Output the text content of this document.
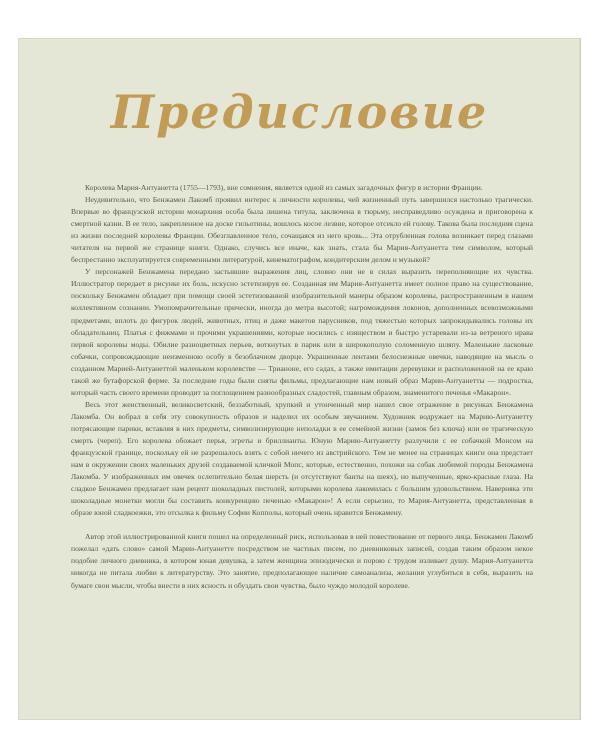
Предисловие

Королева Мария-Антуанетта (1755—1793), вне сомнения, является одной из самых загадочных фигур в истории Франции.

Неудивительно, что Бенжамен Лакомб проявил интерес к личности королевы, чей жизненный путь завершился настолько трагически. Впервые во французской истории монархиня особа была лишена титула, заключена в тюрьму, несправедливо осуждена и приговорена к смертной казни. В ее тело, закрепленное на доске гильотины, вошлось косое лезвие, которое отсекло ей голову. Такова была последняя сцена из жизни последней королевы Франции. Обезглавленное тело, сочащаяся из него кровь... Эта отрубленная голова возникает перед глазами читателя на первой же странице книги. Однако, случись все иначе, как знать, стала бы Мария-Антуанетта тем символом, который беспрестанно эксплуатируется современными литературой, кинематографом, кондитерским делом и музыкой?

У персонажей Бенжамена передано застывшие выражения лиц, словно они не в силах выразить переполняющие их чувства. Иллюстратор передает в рисунке их боль, искусно эстетизируя ее. Созданная им Мария-Антуанетта имеет полное право на существование, поскольку Бенжамен обладает при помощи своей эстетизованной изобразительной манеры образом королевы, распространенным в нашем коллективном сознании. Умопомрачительные прически, иногда до метра высотой; нагромождения локонов, дополненных всевозможными предметами, вплоть до фигурок людей, животных, птиц и даже макетов парусников, под тяжестью которых запрокидывались головы их обладательниц. Платья с фижмами и прочими украшениями, которые носились с изяществом и быстро устаревали из-за ветреного нрава первой королевы моды. Обилие разноцветных перьев, воткнутых в парик или в широкополую соломенную шляпу. Маленькие ласковые собачки, сопровождающие неизменною особу в безоблачном дворце. Украшенные лентами белоснежные овечки, наводящие на мысль о созданном Марией-Антуанеттой маленьком королевстве — Трианоне, его садах, а также имитации деревушки и расположенной на ее краю такой же бутафорской ферме. За последние годы были сняты фильмы, предлагающие нам новый образ Марии-Антуанетты — подростка, который часть своего времени проводит за поглощением разнообразных сладостей, главным образом, знаменитого печенья «Макарон».

Весь этот женственный, великосветский, беззаботный, хрупкий и утонченный мир нашел свое отражение в рисунках Бенжамена Лакомба. Он вобрал в себя эту совокупность образов и наделил их особым звучанием. Художник водружает на Марию-Антуанетту потрясающие парики, вставляя в них предметы, символизирующие неполадки в ее семейной жизни (замок без ключа) или ее трагическую смерть (череп). Его королева обожает перья, эгреты и бриллианты. Юную Марию-Антуанетту разлучили с ее собачкой Монсом на французской границе, поскольку ей не разрешалось взять с собой ничего из австрийского. Тем не менее на страницах книги она предстает нам в окружении своих маленьких друзей создаваемой кличкой Мопс, которые, естественно, похожи на собак любимой породы Бенжамена Лакомба. У изображенных им овечек ослепительно белая шерсть (и отсутствуют банты на шеях), но выпученные, ярко-красные глаза. На сладкое Бенжамен предлагает нам рецепт шоколадных пистолей, которыми королева лакомилась с большим удовольствием. Наверняка эти шоколадные монетки могли бы составить конкуренцию печенью «Макарон»! А если серьезно, то Мария-Антуанетта, представленная в образе юной сладкоежки, это отсылка к фильму Софии Копполы, который очень нравится Бенжамену.

Автор этой иллюстрированной книги пошел на определенный риск, использовав в ней повествование от первого лица. Бенжамен Лакомб пожелал «дать слово» самой Марии-Антуанетте посредством не частных писем, по дневниковых записей, создав таким образом некое подобие личного дневника, в котором юная девушка, а затем женщина эпизодически и порою с трудом изливает душу. Мария-Антуанетта никогда не питала любви к литературству. Это занятие, предполагающее наличие самоанализа, желания углубиться в себя, выразить на бумаге свои мысли, чтобы внести в них ясность и обуздать свои чувства, было чуждо молодой королеве.
